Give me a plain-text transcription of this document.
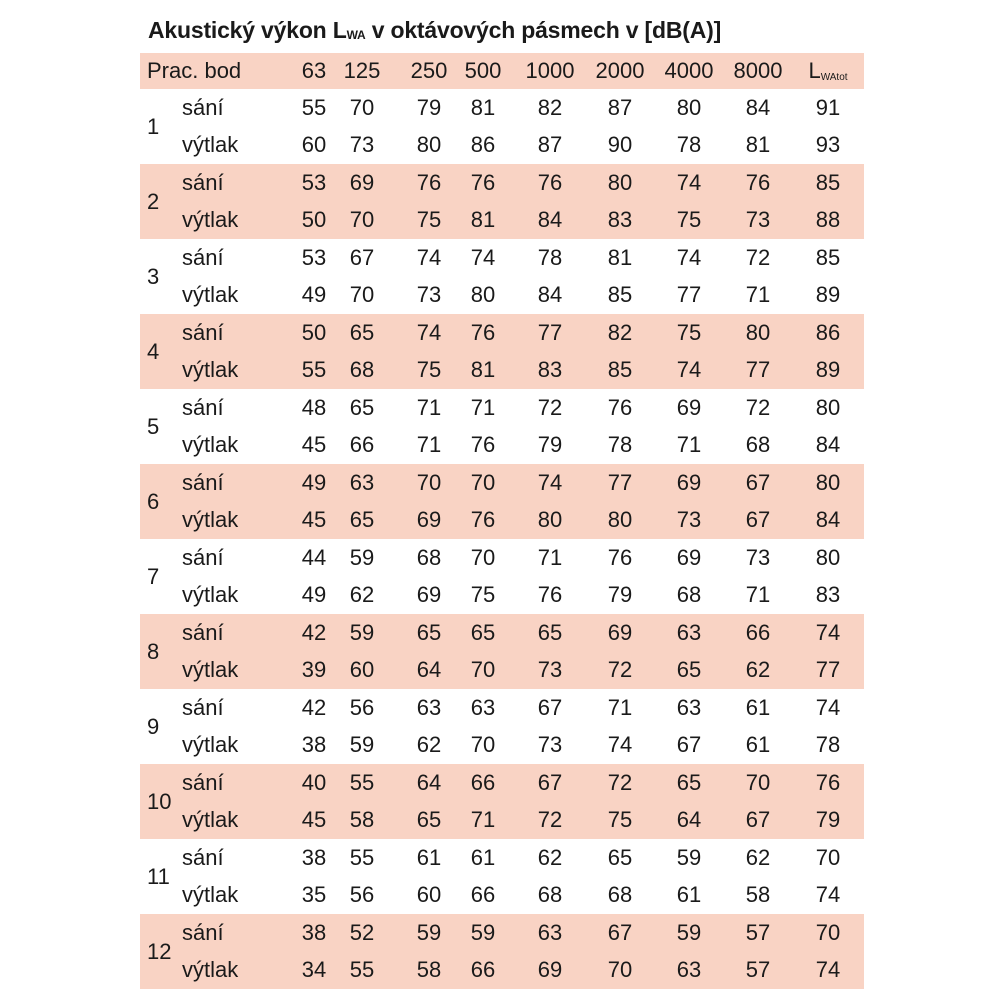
Akustický výkon LWA v oktávových pásmech v [dB(A)]
Prac. bod	63 125 250 500 1000 2000 4000 8000 LWAtot
1
sání	55 70 79 81 82 87 80 84 91
výtlak	60 73 80 86 87 90 78 81 93
2
sání	53 69 76 76 76 80 74 76 85
výtlak	50 70 75 81 84 83 75 73 88
3
sání	53 67 74 74 78 81 74 72 85
výtlak	49 70 73 80 84 85 77 71 89
4
sání	50 65 74 76 77 82 75 80 86
výtlak	55 68 75 81 83 85 74 77 89
5
sání	48 65 71 71 72 76 69 72 80
výtlak	45 66 71 76 79 78 71 68 84
6
sání	49 63 70 70 74 77 69 67 80
výtlak	45 65 69 76 80 80 73 67 84
7
sání	44 59 68 70 71 76 69 73 80
výtlak	49 62 69 75 76 79 68 71 83
8
sání	42 59 65 65 65 69 63 66 74
výtlak	39 60 64 70 73 72 65 62 77
9
sání	42 56 63 63 67 71 63 61 74
výtlak	38 59 62 70 73 74 67 61 78
10
sání	40 55 64 66 67 72 65 70 76
výtlak	45 58 65 71 72 75 64 67 79
11
sání	38 55 61 61 62 65 59 62 70
výtlak	35 56 60 66 68 68 61 58 74
12
sání	38 52 59 59 63 67 59 57 70
výtlak	34 55 58 66 69 70 63 57 74
